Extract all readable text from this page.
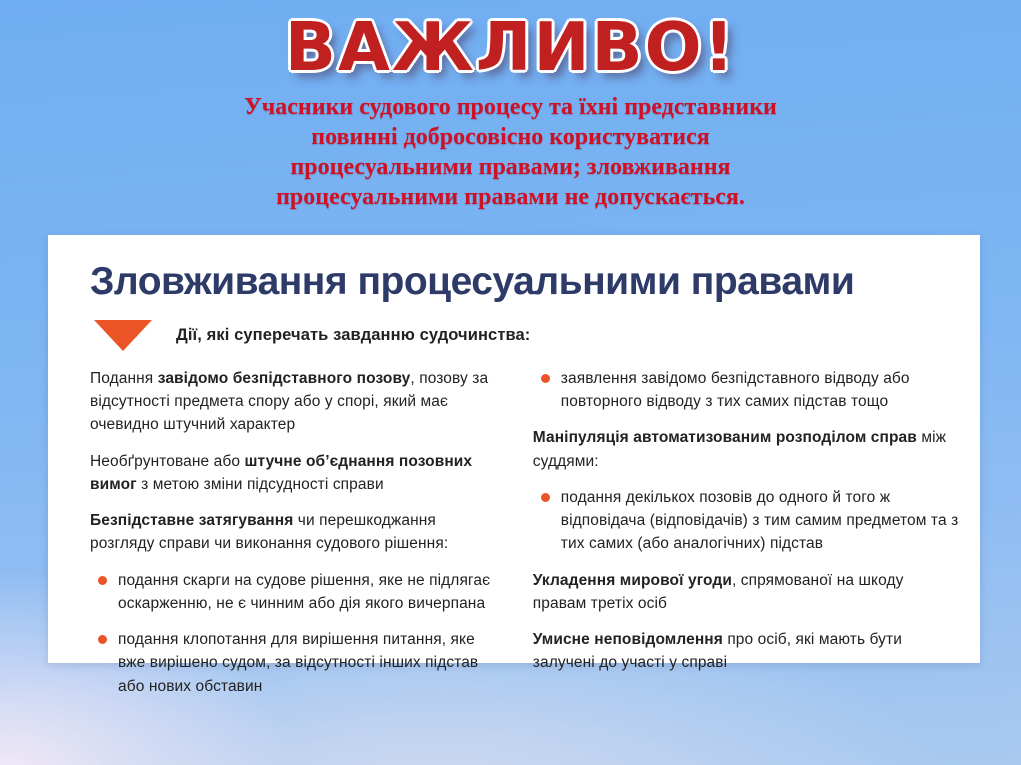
ВАЖЛИВО!
Учасники судового процесу та їхні представники
повинні добросовісно користуватися
процесуальними правами; зловживання
процесуальними правами не допускається.
Зловживання процесуальними правами
Дії, які суперечать завданню судочинства:

Подання завідомо безпідставного позову, позову за відсутності предмета спору або у спорі, який має очевидно штучний характер

Необґрунтоване або штучне об’єднання позовних вимог з метою зміни підсудності справи

Безпідставне затягування чи перешкоджання розгляду справи чи виконання судового рішення:

подання скарги на судове рішення, яке не підлягає оскарженню, не є чинним або дія якого вичерпана

подання клопотання для вирішення питання, яке вже вирішено судом, за відсутності інших підстав або нових обставин

заявлення завідомо безпідставного відводу або повторного відводу з тих самих підстав тощо

Маніпуляція автоматизованим розподілом справ між суддями:

подання декількох позовів до одного й того ж відповідача (відповідачів) з тим самим предметом та з тих самих (або аналогічних) підстав

Укладення мирової угоди, спрямованої на шкоду правам третіх осіб

Умисне неповідомлення про осіб, які мають бути залучені до участі у справі
